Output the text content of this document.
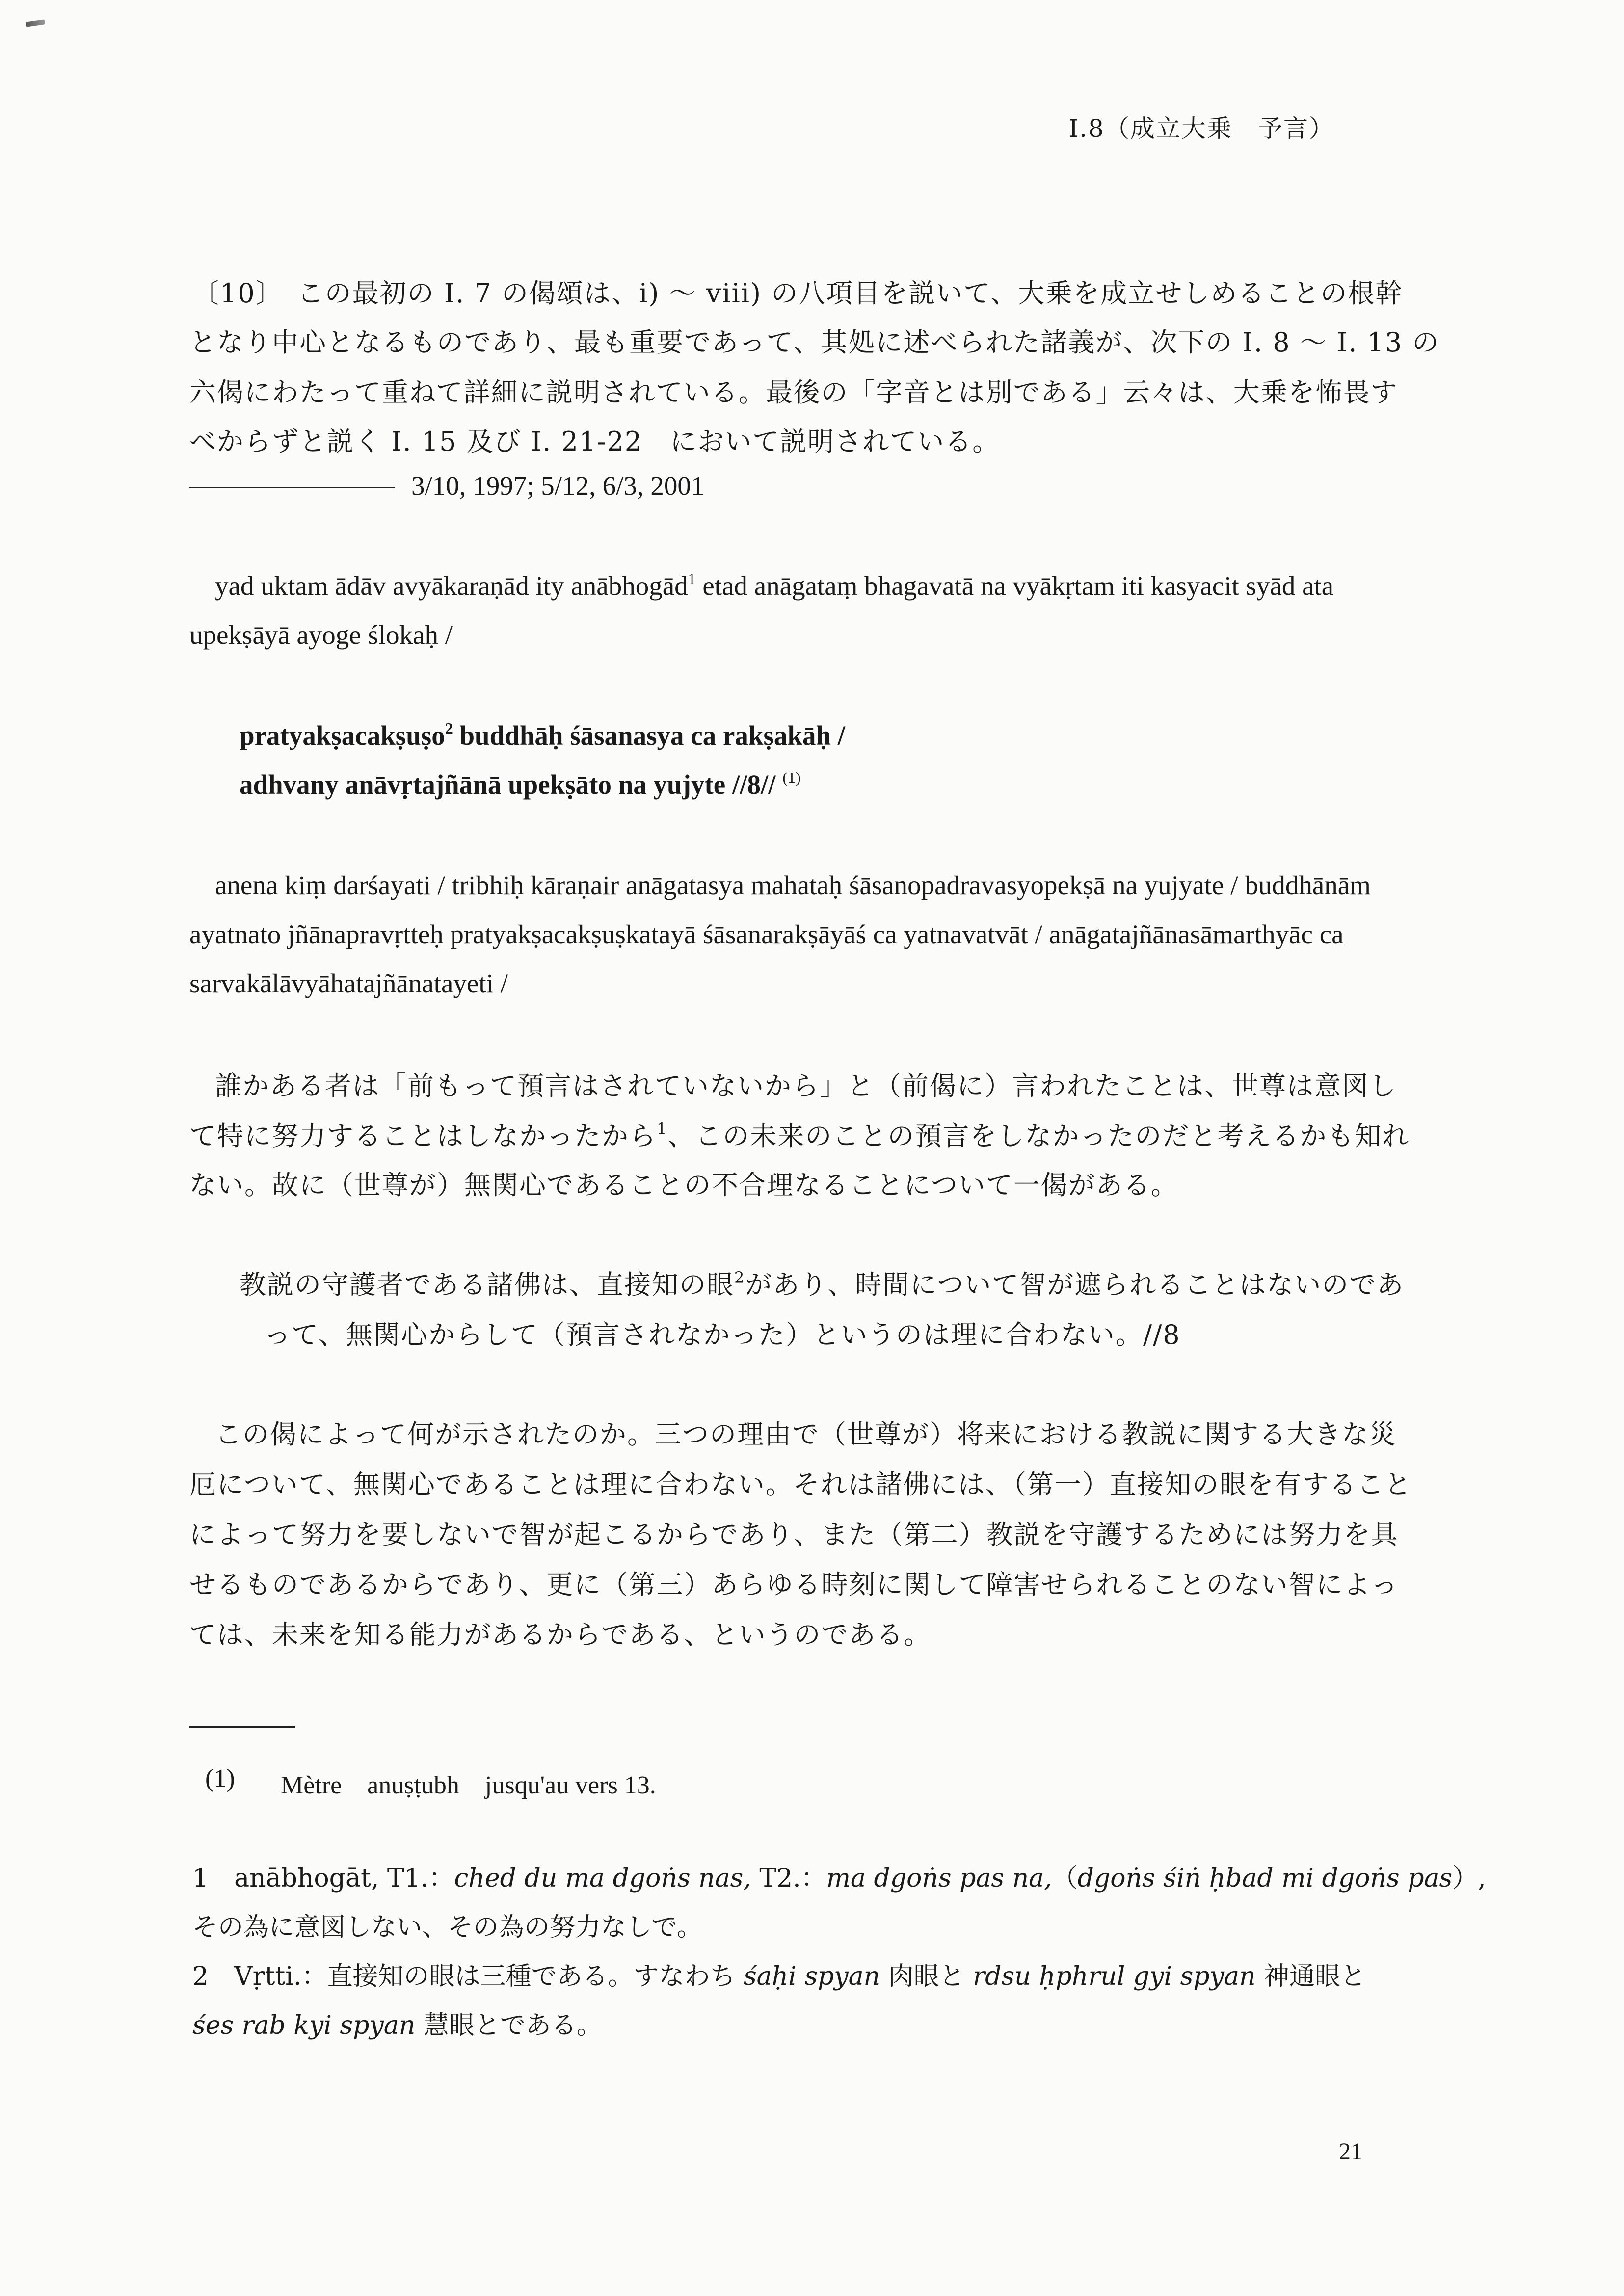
I.8（成立大乗　予言）
〔10〕　この最初の I. 7 の偈頌は、i) ～ viii) の八項目を説いて、大乗を成立せしめることの根幹
となり中心となるものであり、最も重要であって、其処に述べられた諸義が、次下の I. 8 ～ I. 13 の
六偈にわたって重ねて詳細に説明されている。最後の「字音とは別である」云々は、大乗を怖畏す
べからずと説く I. 15 及び I. 21-22　において説明されている。
3/10, 1997; 5/12, 6/3, 2001
yad uktam ādāv avyākaraṇād ity anābhogād$^1$ etad anāgataṃ bhagavatā na vyākṛtam iti kasyacit syād ata
upekṣāyā ayoge ślokaḥ /
pratyakṣacakṣuṣo$^2$ buddhāḥ śāsanasya ca rakṣakāḥ /
adhvany anāvṛtajñānā upekṣāto na yujyte //8// $^{(1)}$
anena kiṃ darśayati / tribhiḥ kāraṇair anāgatasya mahataḥ śāsanopadravasyopekṣā na yujyate / buddhānām
ayatnato jñānapravṛtteḥ pratyakṣacakṣuṣkatayā śāsanarakṣāyāś ca yatnavatvāt / anāgatajñānasāmarthyāc ca
sarvakālāvyāhatajñānatayeti /
誰かある者は「前もって預言はされていないから」と（前偈に）言われたことは、世尊は意図し
て特に努力することはしなかったから$^1$、この未来のことの預言をしなかったのだと考えるかも知れ
ない。故に（世尊が）無関心であることの不合理なることについて一偈がある。
教説の守護者である諸佛は、直接知の眼$^2$があり、時間について智が遮られることはないのであ
って、無関心からして（預言されなかった）というのは理に合わない。//8
この偈によって何が示されたのか。三つの理由で（世尊が）将来における教説に関する大きな災
厄について、無関心であることは理に合わない。それは諸佛には、（第一）直接知の眼を有すること
によって努力を要しないで智が起こるからであり、また（第二）教説を守護するためには努力を具
せるものであるからであり、更に（第三）あらゆる時刻に関して障害せられることのない智によっ
ては、未来を知る能力があるからである、というのである。
(1) Mètre　anuṣṭubh　jusqu'au vers 13.
1　anābhogāt, T1.：ched du ma dgoṅs nas, T2.：ma dgoṅs pas na,（dgoṅs śiṅ ḥbad mi dgoṅs pas）,
その為に意図しない、その為の努力なしで。
2　Vṛtti.：直接知の眼は三種である。すなわち śaḥi spyan 肉眼と rdsu ḥphrul gyi spyan 神通眼と
śes rab kyi spyan 慧眼とである。
21
